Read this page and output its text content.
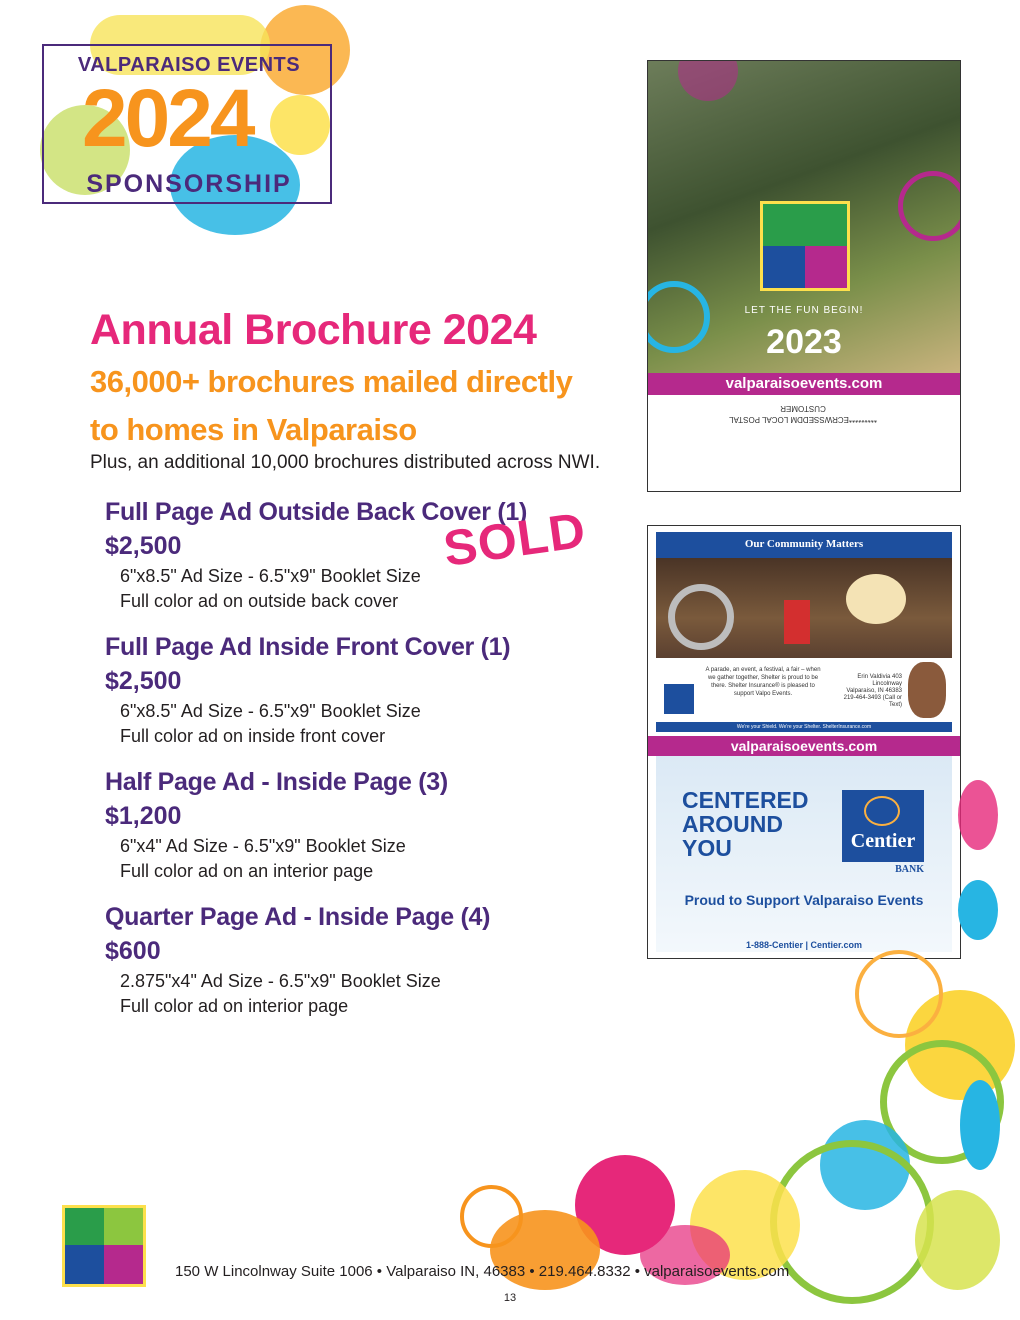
VALPARAISO EVENTS
2024
SPONSORSHIP
Annual Brochure 2024
36,000+ brochures mailed directly
to homes in Valparaiso
Plus, an additional 10,000 brochures distributed across NWI.
Full Page Ad Outside Back Cover (1)
$2,500
6"x8.5" Ad Size - 6.5"x9" Booklet Size
Full color ad on outside back cover
Full Page Ad Inside Front Cover (1)
$2,500
6"x8.5" Ad Size - 6.5"x9" Booklet Size
Full color ad on inside front cover
Half Page Ad - Inside Page (3)
$1,200
6"x4" Ad Size - 6.5"x9" Booklet Size
Full color ad on an interior page
Quarter Page Ad - Inside Page (4)
$600
2.875"x4" Ad Size - 6.5"x9" Booklet Size
Full color ad on interior page
SOLD
LET THE FUN BEGIN!
2023
valparaisoevents.com
*********ECRWSSEDDM LOCAL POSTAL CUSTOMER
Our Community Matters
A parade, an event, a festival, a fair – when we gather together, Shelter is proud to be there. Shelter Insurance® is pleased to support Valpo Events.
Erin Valdivia 403 Lincolnway Valparaiso, IN 46383 219-464-3493 (Call or Text)
We're your Shield. We're your Shelter. ShelterInsurance.com
valparaisoevents.com
CENTERED AROUND YOU	Centier
BANK
Proud to Support Valparaiso Events
1-888-Centier | Centier.com
150 W Lincolnway Suite 1006 • Valparaiso IN, 46383 • 219.464.8332 • valparaisoevents.com
13
